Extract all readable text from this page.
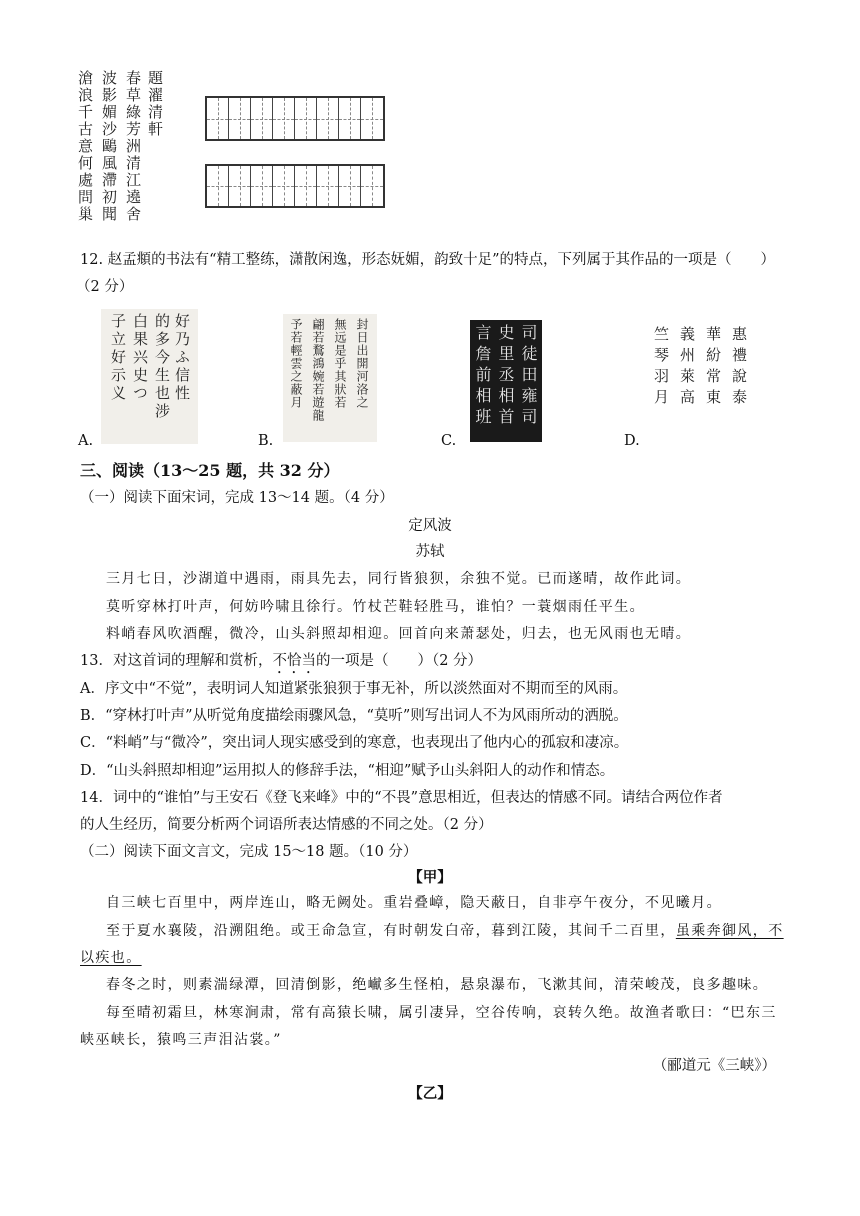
題濯清軒
春草綠芳洲清江遶舍
波影媚沙鷗風滯初聞
滄浪千古意何處問巢
12. 赵孟頫的书法有“精工整练，潇散闲逸，形态妩媚，韵致十足”的特点，下列属于其作品的一项是（　　）
（2 分）
A.
好乃ふ信性
的多今生也涉
白果兴史つ
子立好示义
B.
封日出開河洛之
無远是乎其狀若
翩若鶩鴻婉若遊龍
予若輕雲之蔽月
C.
司徒田雍司
史里丞相首
言詹前相班
D.
惠禮說泰
華紛常東
義州萊高
竺琴羽月
三、阅读（13～25 题，共 32 分）
（一）阅读下面宋词，完成 13～14 题。（4 分）
定风波
苏轼
三月七日，沙湖道中遇雨，雨具先去，同行皆狼狈，余独不觉。已而遂晴，故作此词。
莫听穿林打叶声，何妨吟啸且徐行。竹杖芒鞋轻胜马，谁怕？一蓑烟雨任平生。
料峭春风吹酒醒，微冷，山头斜照却相迎。回首向来萧瑟处，归去，也无风雨也无晴。
13．对这首词的理解和赏析，不恰当的一项是（　　）（2 分）
A．序文中“不觉”，表明词人知道紧张狼狈于事无补，所以淡然面对不期而至的风雨。
B．“穿林打叶声”从听觉角度描绘雨骤风急，“莫听”则写出词人不为风雨所动的洒脱。
C．“料峭”与“微冷”，突出词人现实感受到的寒意，也表现出了他内心的孤寂和凄凉。
D．“山头斜照却相迎”运用拟人的修辞手法，“相迎”赋予山头斜阳人的动作和情态。
14．词中的“谁怕”与王安石《登飞来峰》中的“不畏”意思相近，但表达的情感不同。请结合两位作者
的人生经历，简要分析两个词语所表达情感的不同之处。（2 分）
（二）阅读下面文言文，完成 15～18 题。（10 分）
【甲】
自三峡七百里中，两岸连山，略无阙处。重岩叠嶂，隐天蔽日，自非亭午夜分，不见曦月。
至于夏水襄陵，沿溯阻绝。或王命急宣，有时朝发白帝，暮到江陵，其间千二百里，虽乘奔御风，不
以疾也。
春冬之时，则素湍绿潭，回清倒影，绝𪩘多生怪柏，悬泉瀑布，飞漱其间，清荣峻茂，良多趣味。
每至晴初霜旦，林寒涧肃，常有高猿长啸，属引凄异，空谷传响，哀转久绝。故渔者歌曰：“巴东三
峡巫峡长，猿鸣三声泪沾裳。”
（郦道元《三峡》）
【乙】
